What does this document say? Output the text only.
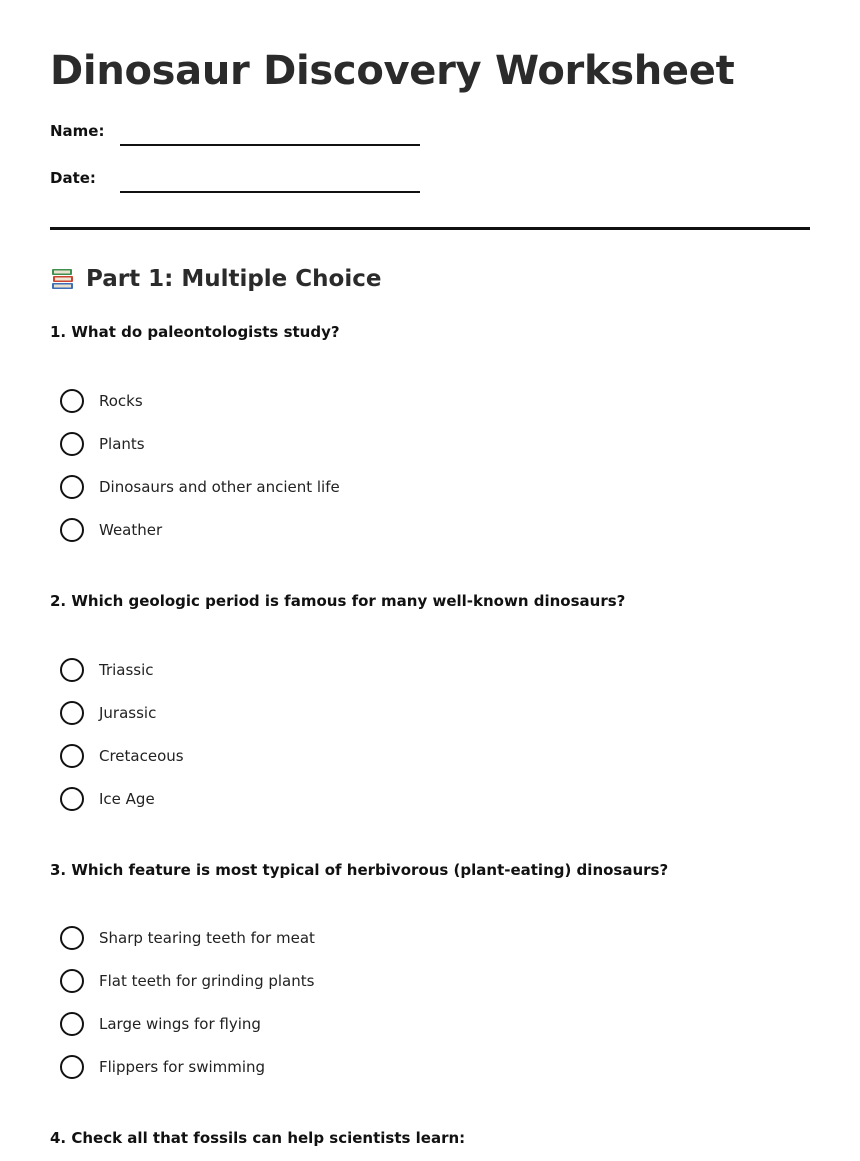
Dinosaur Discovery Worksheet
Name:
Date:
Part 1: Multiple Choice

1. What do paleontologists study?

Rocks
Plants
Dinosaurs and other ancient life
Weather

2. Which geologic period is famous for many well-known dinosaurs?

Triassic
Jurassic
Cretaceous
Ice Age

3. Which feature is most typical of herbivorous (plant-eating) dinosaurs?

Sharp tearing teeth for meat
Flat teeth for grinding plants
Large wings for flying
Flippers for swimming

4. Check all that fossils can help scientists learn:
